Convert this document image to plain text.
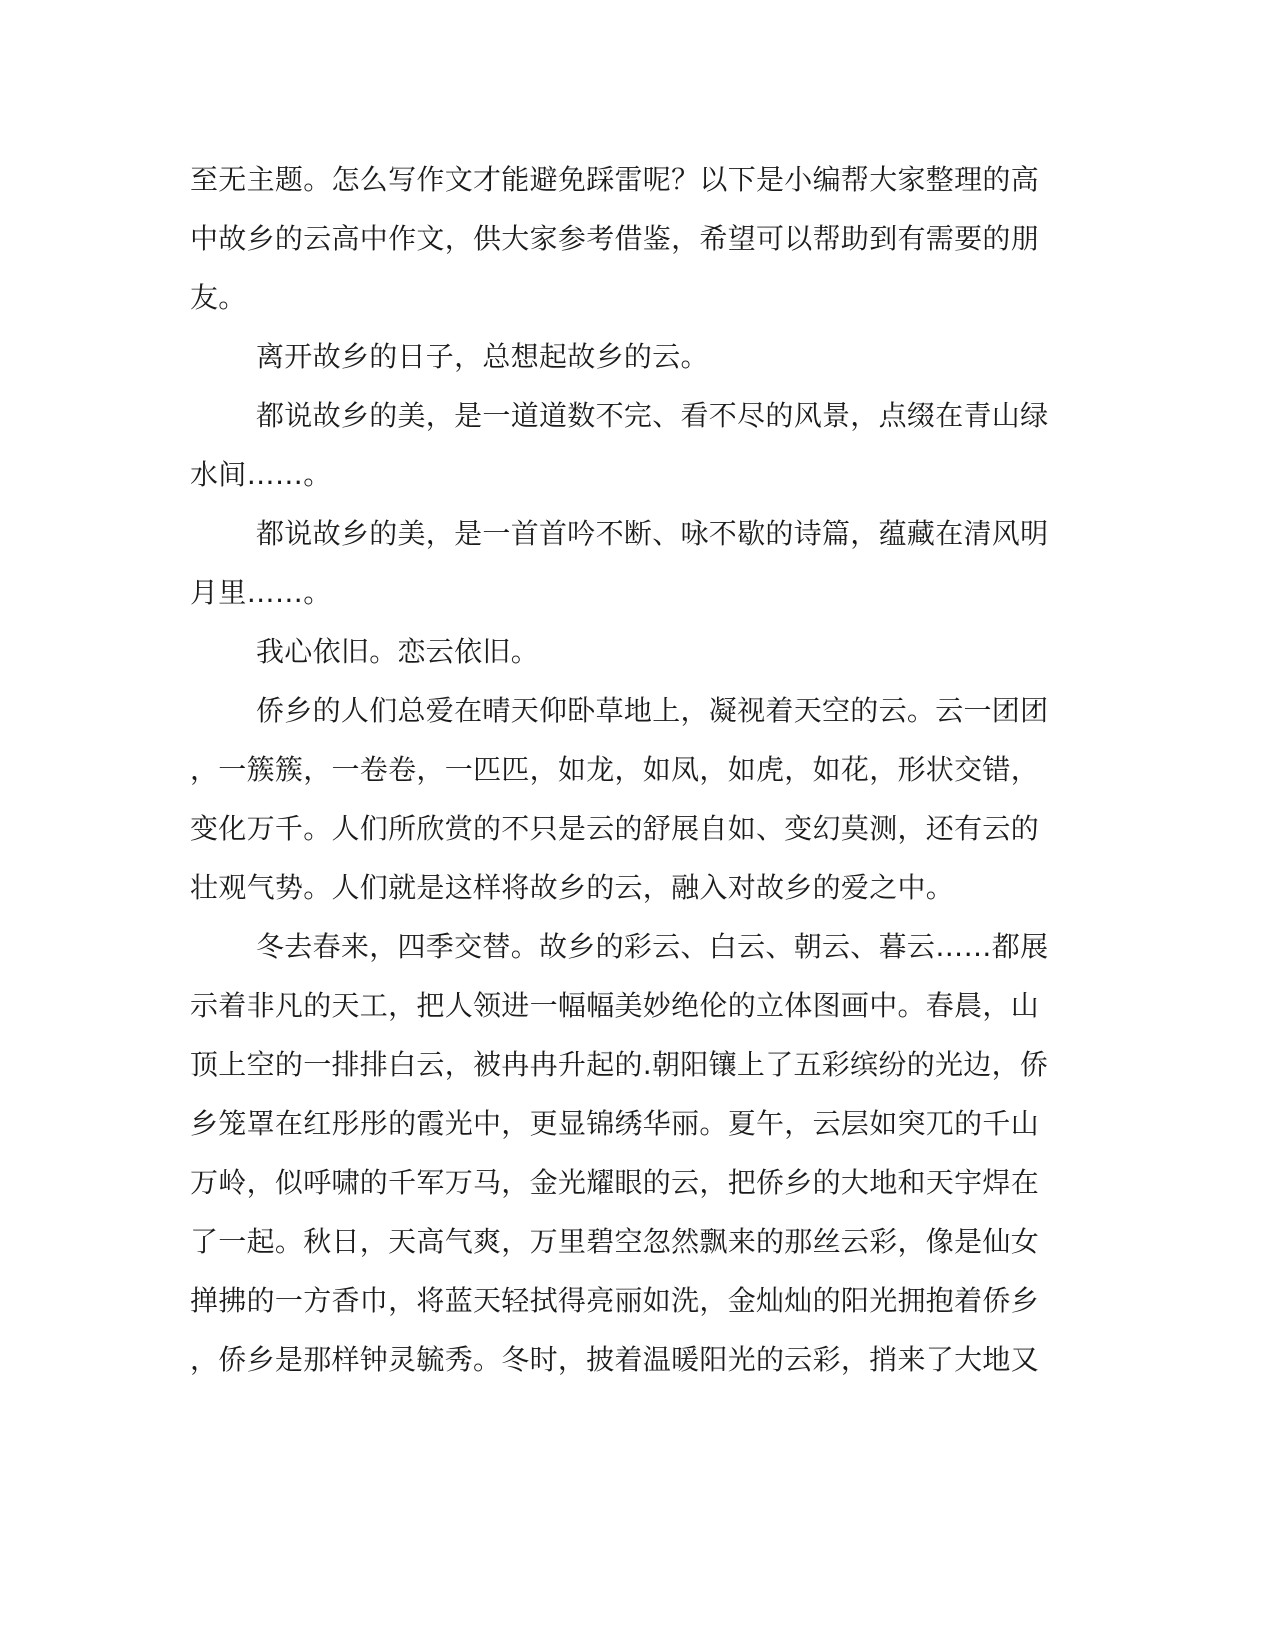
至无主题。怎么写作文才能避免踩雷呢？以下是小编帮大家整理的高
中故乡的云高中作文，供大家参考借鉴，希望可以帮助到有需要的朋
友。
离开故乡的日子，总想起故乡的云。
都说故乡的美，是一道道数不完、看不尽的风景，点缀在青山绿
水间……。
都说故乡的美，是一首首吟不断、咏不歇的诗篇，蕴藏在清风明
月里……。
我心依旧。恋云依旧。
侨乡的人们总爱在晴天仰卧草地上，凝视着天空的云。云一团团
，一簇簇，一卷卷，一匹匹，如龙，如凤，如虎，如花，形状交错，
变化万千。人们所欣赏的不只是云的舒展自如、变幻莫测，还有云的
壮观气势。人们就是这样将故乡的云，融入对故乡的爱之中。
冬去春来，四季交替。故乡的彩云、白云、朝云、暮云……都展
示着非凡的天工，把人领进一幅幅美妙绝伦的立体图画中。春晨，山
顶上空的一排排白云，被冉冉升起的.朝阳镶上了五彩缤纷的光边，侨
乡笼罩在红彤彤的霞光中，更显锦绣华丽。夏午，云层如突兀的千山
万岭，似呼啸的千军万马，金光耀眼的云，把侨乡的大地和天宇焊在
了一起。秋日，天高气爽，万里碧空忽然飘来的那丝云彩，像是仙女
掸拂的一方香巾，将蓝天轻拭得亮丽如洗，金灿灿的阳光拥抱着侨乡
，侨乡是那样钟灵毓秀。冬时，披着温暖阳光的云彩，捎来了大地又
